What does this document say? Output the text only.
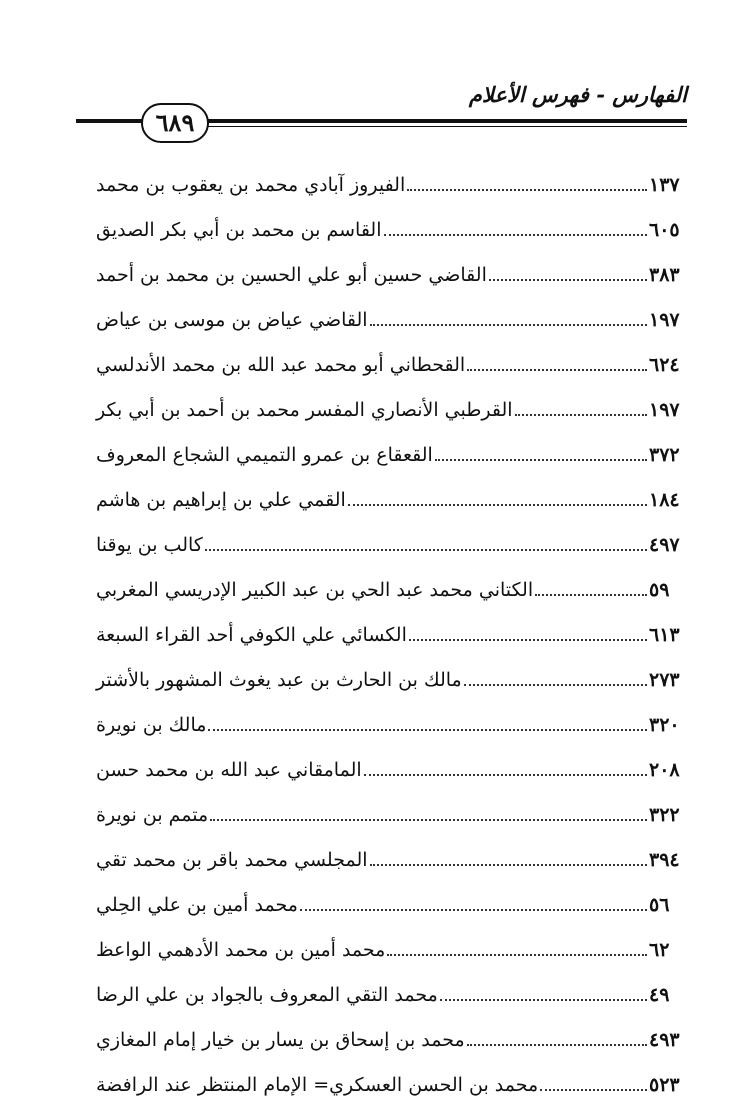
الفهارس - فهرس الأعلام
٦٨٩
الفيروز آبادي محمد بن يعقوب بن محمد	١٣٧
القاسم بن محمد بن أبي بكر الصديق	٦٠٥
القاضي حسين أبو علي الحسين بن محمد بن أحمد	٣٨٣
القاضي عياض بن موسى بن عياض	١٩٧
القحطاني أبو محمد عبد الله بن محمد الأندلسي	٦٢٤
القرطبي الأنصاري المفسر محمد بن أحمد بن أبي بكر	١٩٧
القعقاع بن عمرو التميمي الشجاع المعروف	٣٧٢
القمي علي بن إبراهيم بن هاشم	١٨٤
كالب بن يوقنا	٤٩٧
الكتاني محمد عبد الحي بن عبد الكبير الإدريسي المغربي	٥٩
الكسائي علي الكوفي أحد القراء السبعة	٦١٣
مالك بن الحارث بن عبد يغوث المشهور بالأشتر	٢٧٣
مالك بن نويرة	٣٢٠
المامقاني عبد الله بن محمد حسن	٢٠٨
متمم بن نويرة	٣٢٢
المجلسي محمد باقر بن محمد تقي	٣٩٤
محمد أمين بن علي الحِلي	٥٦
محمد أمين بن محمد الأدهمي الواعظ	٦٢
محمد التقي المعروف بالجواد بن علي الرضا	٤٩
محمد بن إسحاق بن يسار بن خيار إمام المغازي	٤٩٣
محمد بن الحسن العسكري= الإمام المنتظر عند الرافضة	٥٢٣
